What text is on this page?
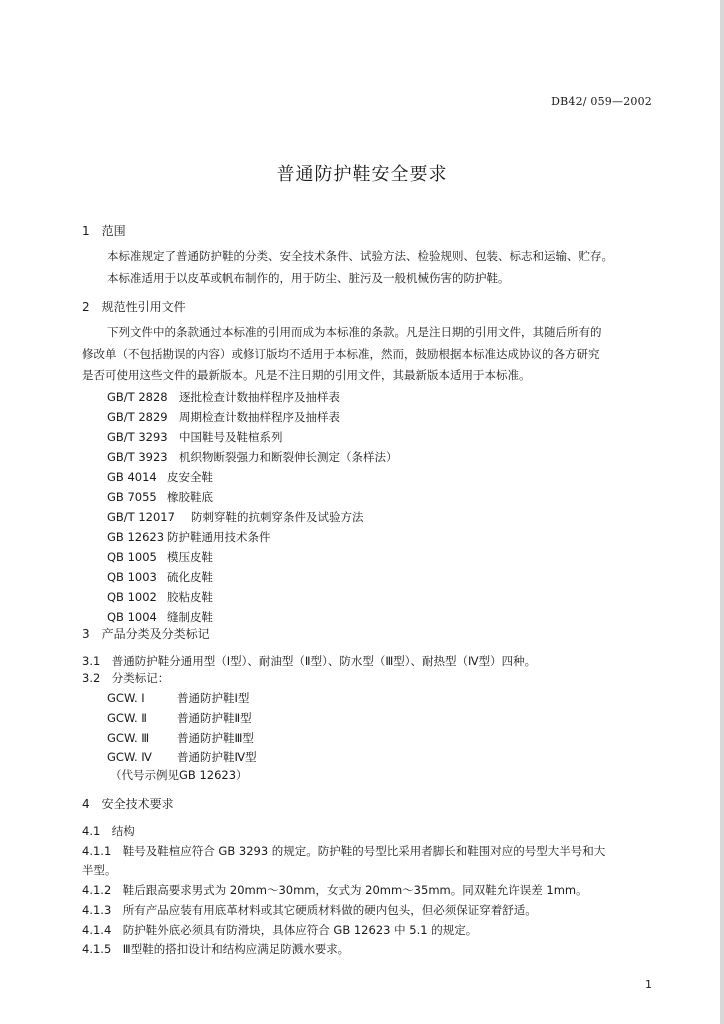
DB42/ 059—2002
普通防护鞋安全要求
1　范围
本标准规定了普通防护鞋的分类、安全技术条件、试验方法、检验规则、包装、标志和运输、贮存。
本标准适用于以皮革或帆布制作的，用于防尘、脏污及一般机械伤害的防护鞋。
2　规范性引用文件
下列文件中的条款通过本标准的引用而成为本标准的条款。凡是注日期的引用文件，其随后所有的
修改单（不包括勘误的内容）或修订版均不适用于本标准，然而，鼓励根据本标准达成协议的各方研究
是否可使用这些文件的最新版本。凡是不注日期的引用文件，其最新版本适用于本标准。
GB/T 2828 逐批检查计数抽样程序及抽样表
GB/T 2829 周期检查计数抽样程序及抽样表
GB/T 3293 中国鞋号及鞋楦系列
GB/T 3923 机织物断裂强力和断裂伸长测定（条样法）
GB 4014 皮安全鞋
GB 7055 橡胶鞋底
GB/T 12017 防刺穿鞋的抗刺穿条件及试验方法
GB 12623 防护鞋通用技术条件
QB 1005 模压皮鞋
QB 1003 硫化皮鞋
QB 1002 胶粘皮鞋
QB 1004 缝制皮鞋
3　产品分类及分类标记
3.1　普通防护鞋分通用型（Ⅰ型）、耐油型（Ⅱ型）、防水型（Ⅲ型）、耐热型（Ⅳ型）四种。
3.2　分类标记：
GCW. Ⅰ	普通防护鞋Ⅰ型
GCW. Ⅱ	普通防护鞋Ⅱ型
GCW. Ⅲ 普通防护鞋Ⅲ型
GCW. Ⅳ 普通防护鞋Ⅳ型
（代号示例见GB 12623）
4　安全技术要求
4.1　结构
4.1.1　鞋号及鞋楦应符合 GB 3293 的规定。防护鞋的号型比采用者脚长和鞋围对应的号型大半号和大
半型。
4.1.2　鞋后跟高要求男式为 20mm～30mm，女式为 20mm～35mm。同双鞋允许误差 1mm。
4.1.3　所有产品应装有用底革材料或其它硬质材料做的硬内包头，但必须保证穿着舒适。
4.1.4　防护鞋外底必须具有防滑块，具体应符合 GB 12623 中 5.1 的规定。
4.1.5　Ⅲ型鞋的搭扣设计和结构应满足防溅水要求。
1
